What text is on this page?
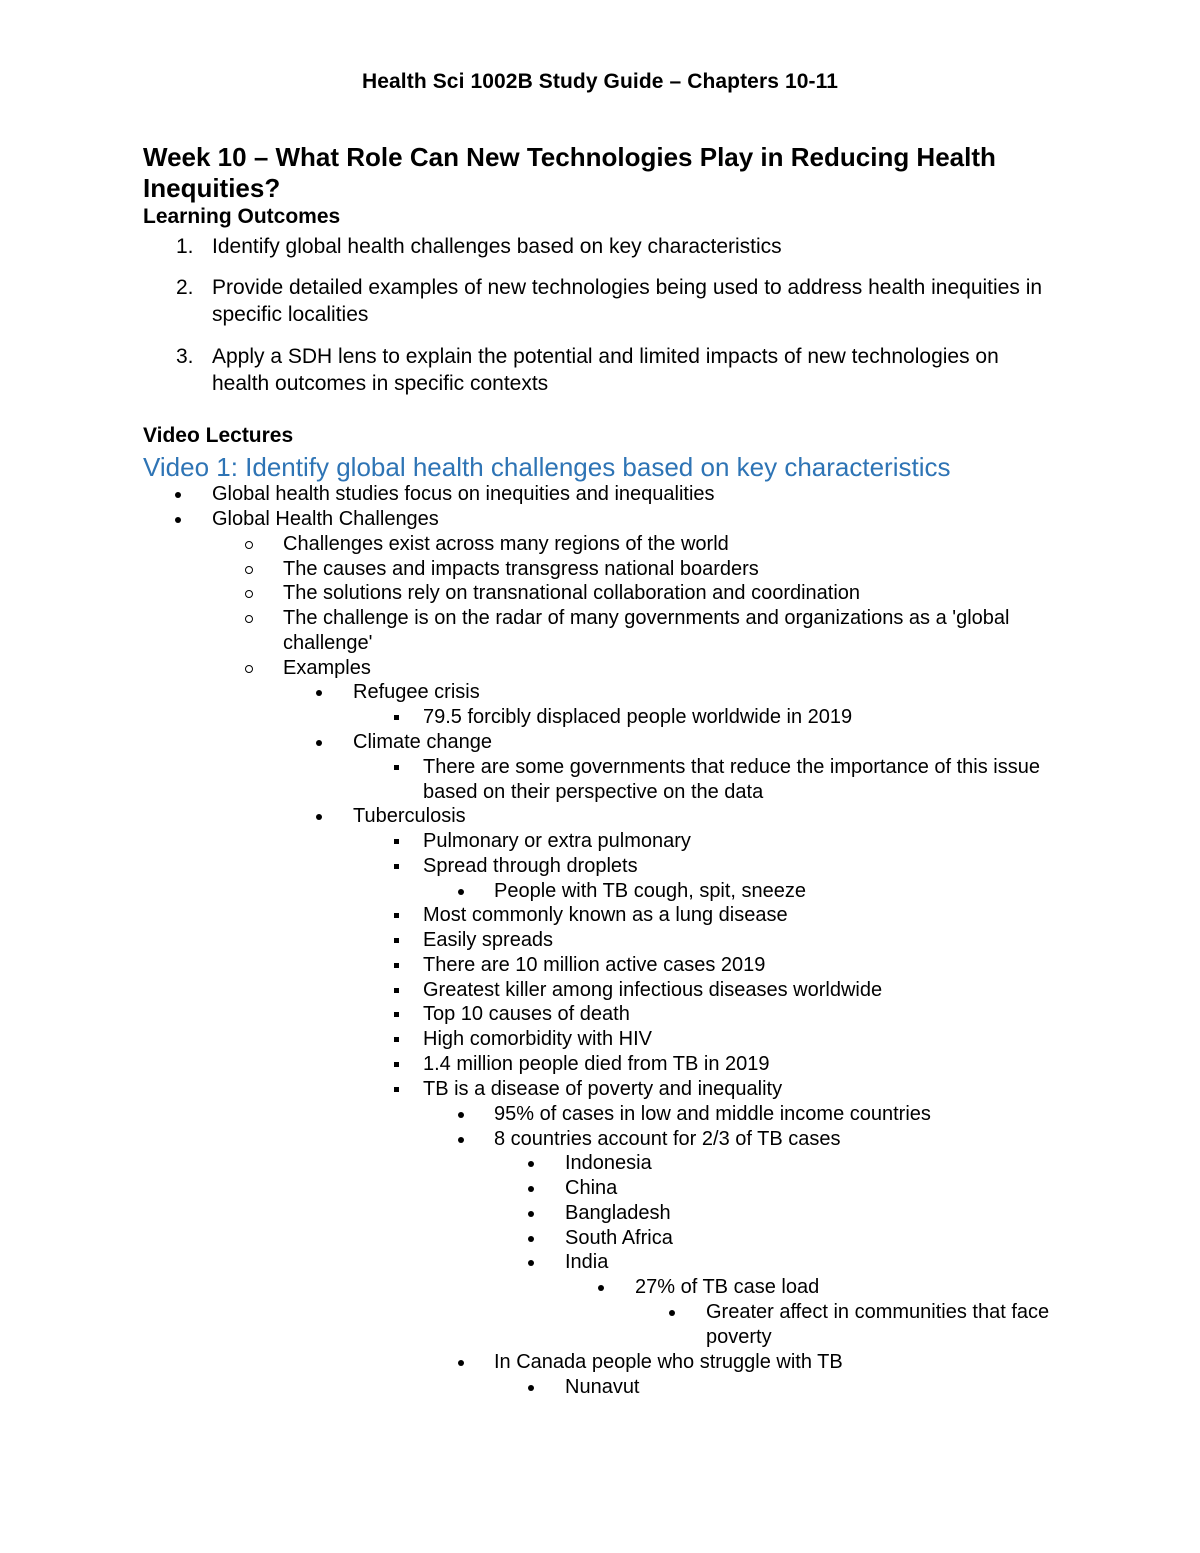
Health Sci 1002B Study Guide – Chapters 10-11
Week 10 – What Role Can New Technologies Play in Reducing Health Inequities?
Learning Outcomes
1. Identify global health challenges based on key characteristics
2. Provide detailed examples of new technologies being used to address health inequities in specific localities
3. Apply a SDH lens to explain the potential and limited impacts of new technologies on health outcomes in specific contexts
Video Lectures
Video 1: Identify global health challenges based on key characteristics
Global health studies focus on inequities and inequalities
Global Health Challenges
Challenges exist across many regions of the world
The causes and impacts transgress national boarders
The solutions rely on transnational collaboration and coordination
The challenge is on the radar of many governments and organizations as a 'global challenge'
Examples
Refugee crisis
79.5 forcibly displaced people worldwide in 2019
Climate change
There are some governments that reduce the importance of this issue based on their perspective on the data
Tuberculosis
Pulmonary or extra pulmonary
Spread through droplets
People with TB cough, spit, sneeze
Most commonly known as a lung disease
Easily spreads
There are 10 million active cases 2019
Greatest killer among infectious diseases worldwide
Top 10 causes of death
High comorbidity with HIV
1.4 million people died from TB in 2019
TB is a disease of poverty and inequality
95% of cases in low and middle income countries
8 countries account for 2/3 of TB cases
Indonesia
China
Bangladesh
South Africa
India
27% of TB case load
Greater affect in communities that face poverty
In Canada people who struggle with TB
Nunavut
